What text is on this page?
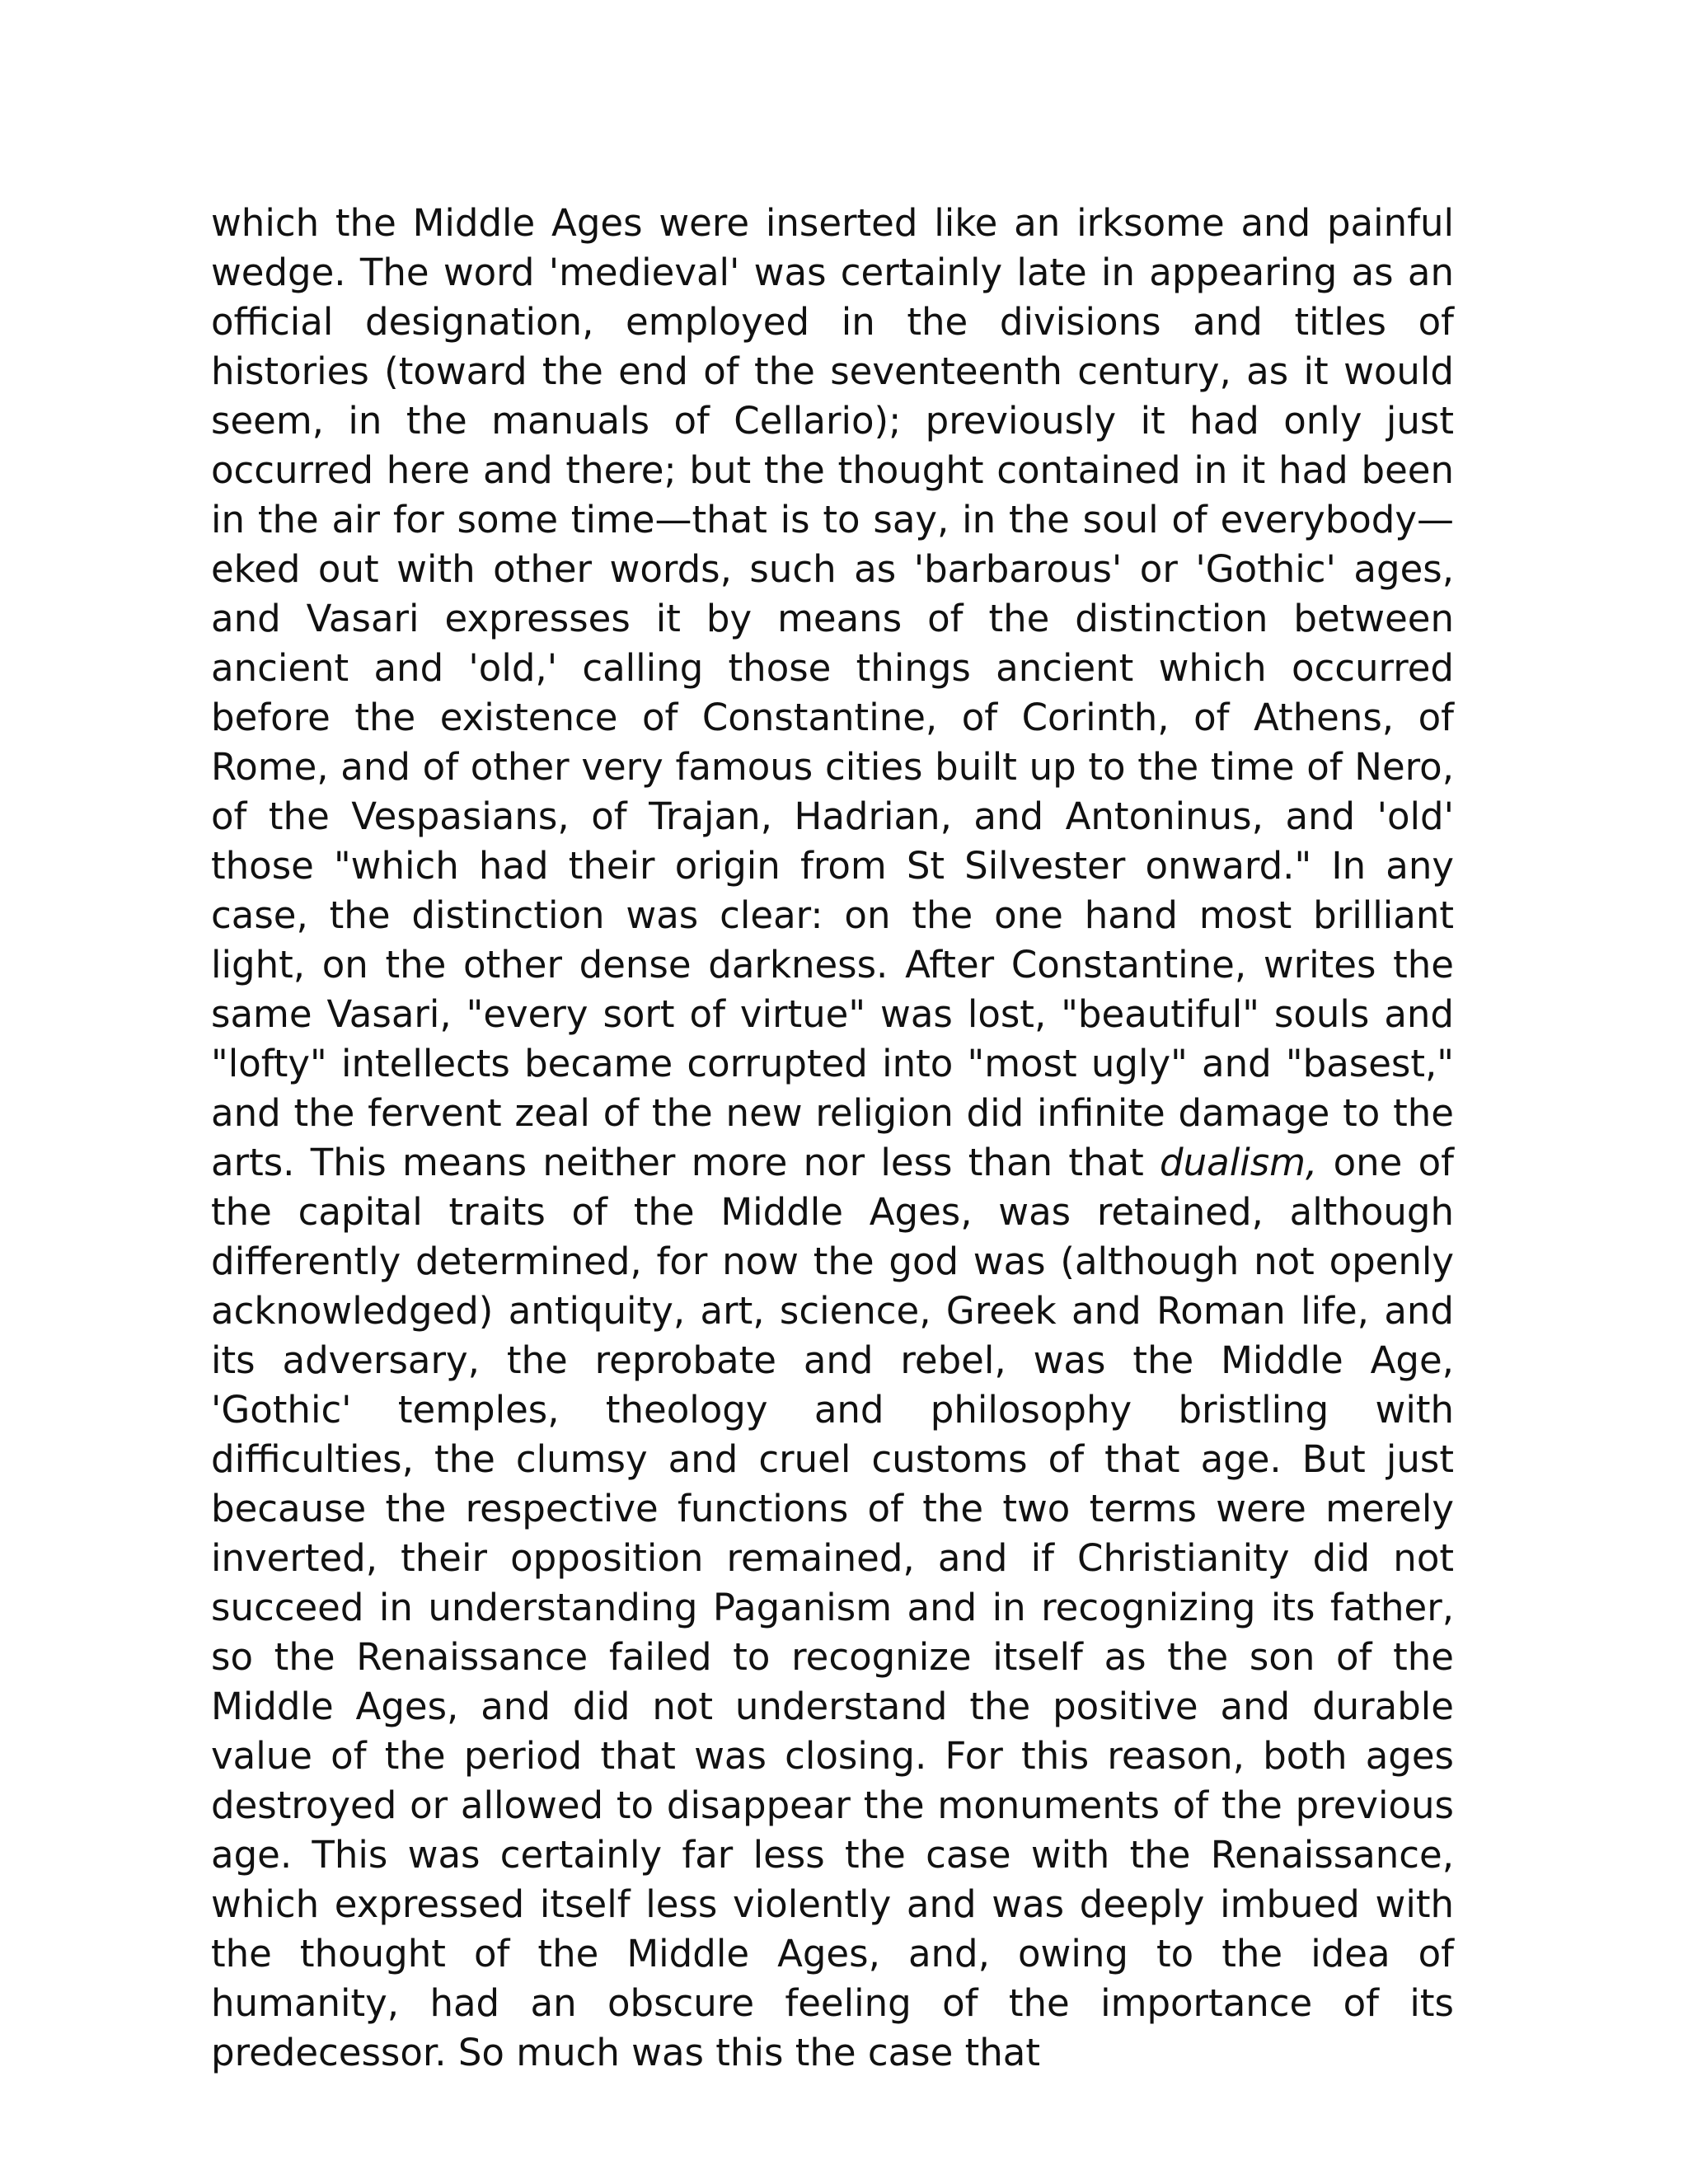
which the Middle Ages were inserted like an irksome and painful wedge. The word 'medieval' was certainly late in appearing as an official designation, employed in the divisions and titles of histories (toward the end of the seventeenth century, as it would seem, in the manuals of Cellario); previously it had only just occurred here and there; but the thought contained in it had been in the air for some time—that is to say, in the soul of everybody—eked out with other words, such as 'barbarous' or 'Gothic' ages, and Vasari expresses it by means of the distinction between ancient and 'old,' calling those things ancient which occurred before the existence of Constantine, of Corinth, of Athens, of Rome, and of other very famous cities built up to the time of Nero, of the Vespasians, of Trajan, Hadrian, and Antoninus, and 'old' those "which had their origin from St Silvester onward." In any case, the distinction was clear: on the one hand most brilliant light, on the other dense darkness. After Constantine, writes the same Vasari, "every sort of virtue" was lost, "beautiful" souls and "lofty" intellects became corrupted into "most ugly" and "basest," and the fervent zeal of the new religion did infinite damage to the arts. This means neither more nor less than that dualism, one of the capital traits of the Middle Ages, was retained, although differently determined, for now the god was (although not openly acknowledged) antiquity, art, science, Greek and Roman life, and its adversary, the reprobate and rebel, was the Middle Age, 'Gothic' temples, theology and philosophy bristling with difficulties, the clumsy and cruel customs of that age. But just because the respective functions of the two terms were merely inverted, their opposition remained, and if Christianity did not succeed in understanding Paganism and in recognizing its father, so the Renaissance failed to recognize itself as the son of the Middle Ages, and did not understand the positive and durable value of the period that was closing. For this reason, both ages destroyed or allowed to disappear the monuments of the previous age. This was certainly far less the case with the Renaissance, which expressed itself less violently and was deeply imbued with the thought of the Middle Ages, and, owing to the idea of humanity, had an obscure feeling of the importance of its predecessor. So much was this the case that
